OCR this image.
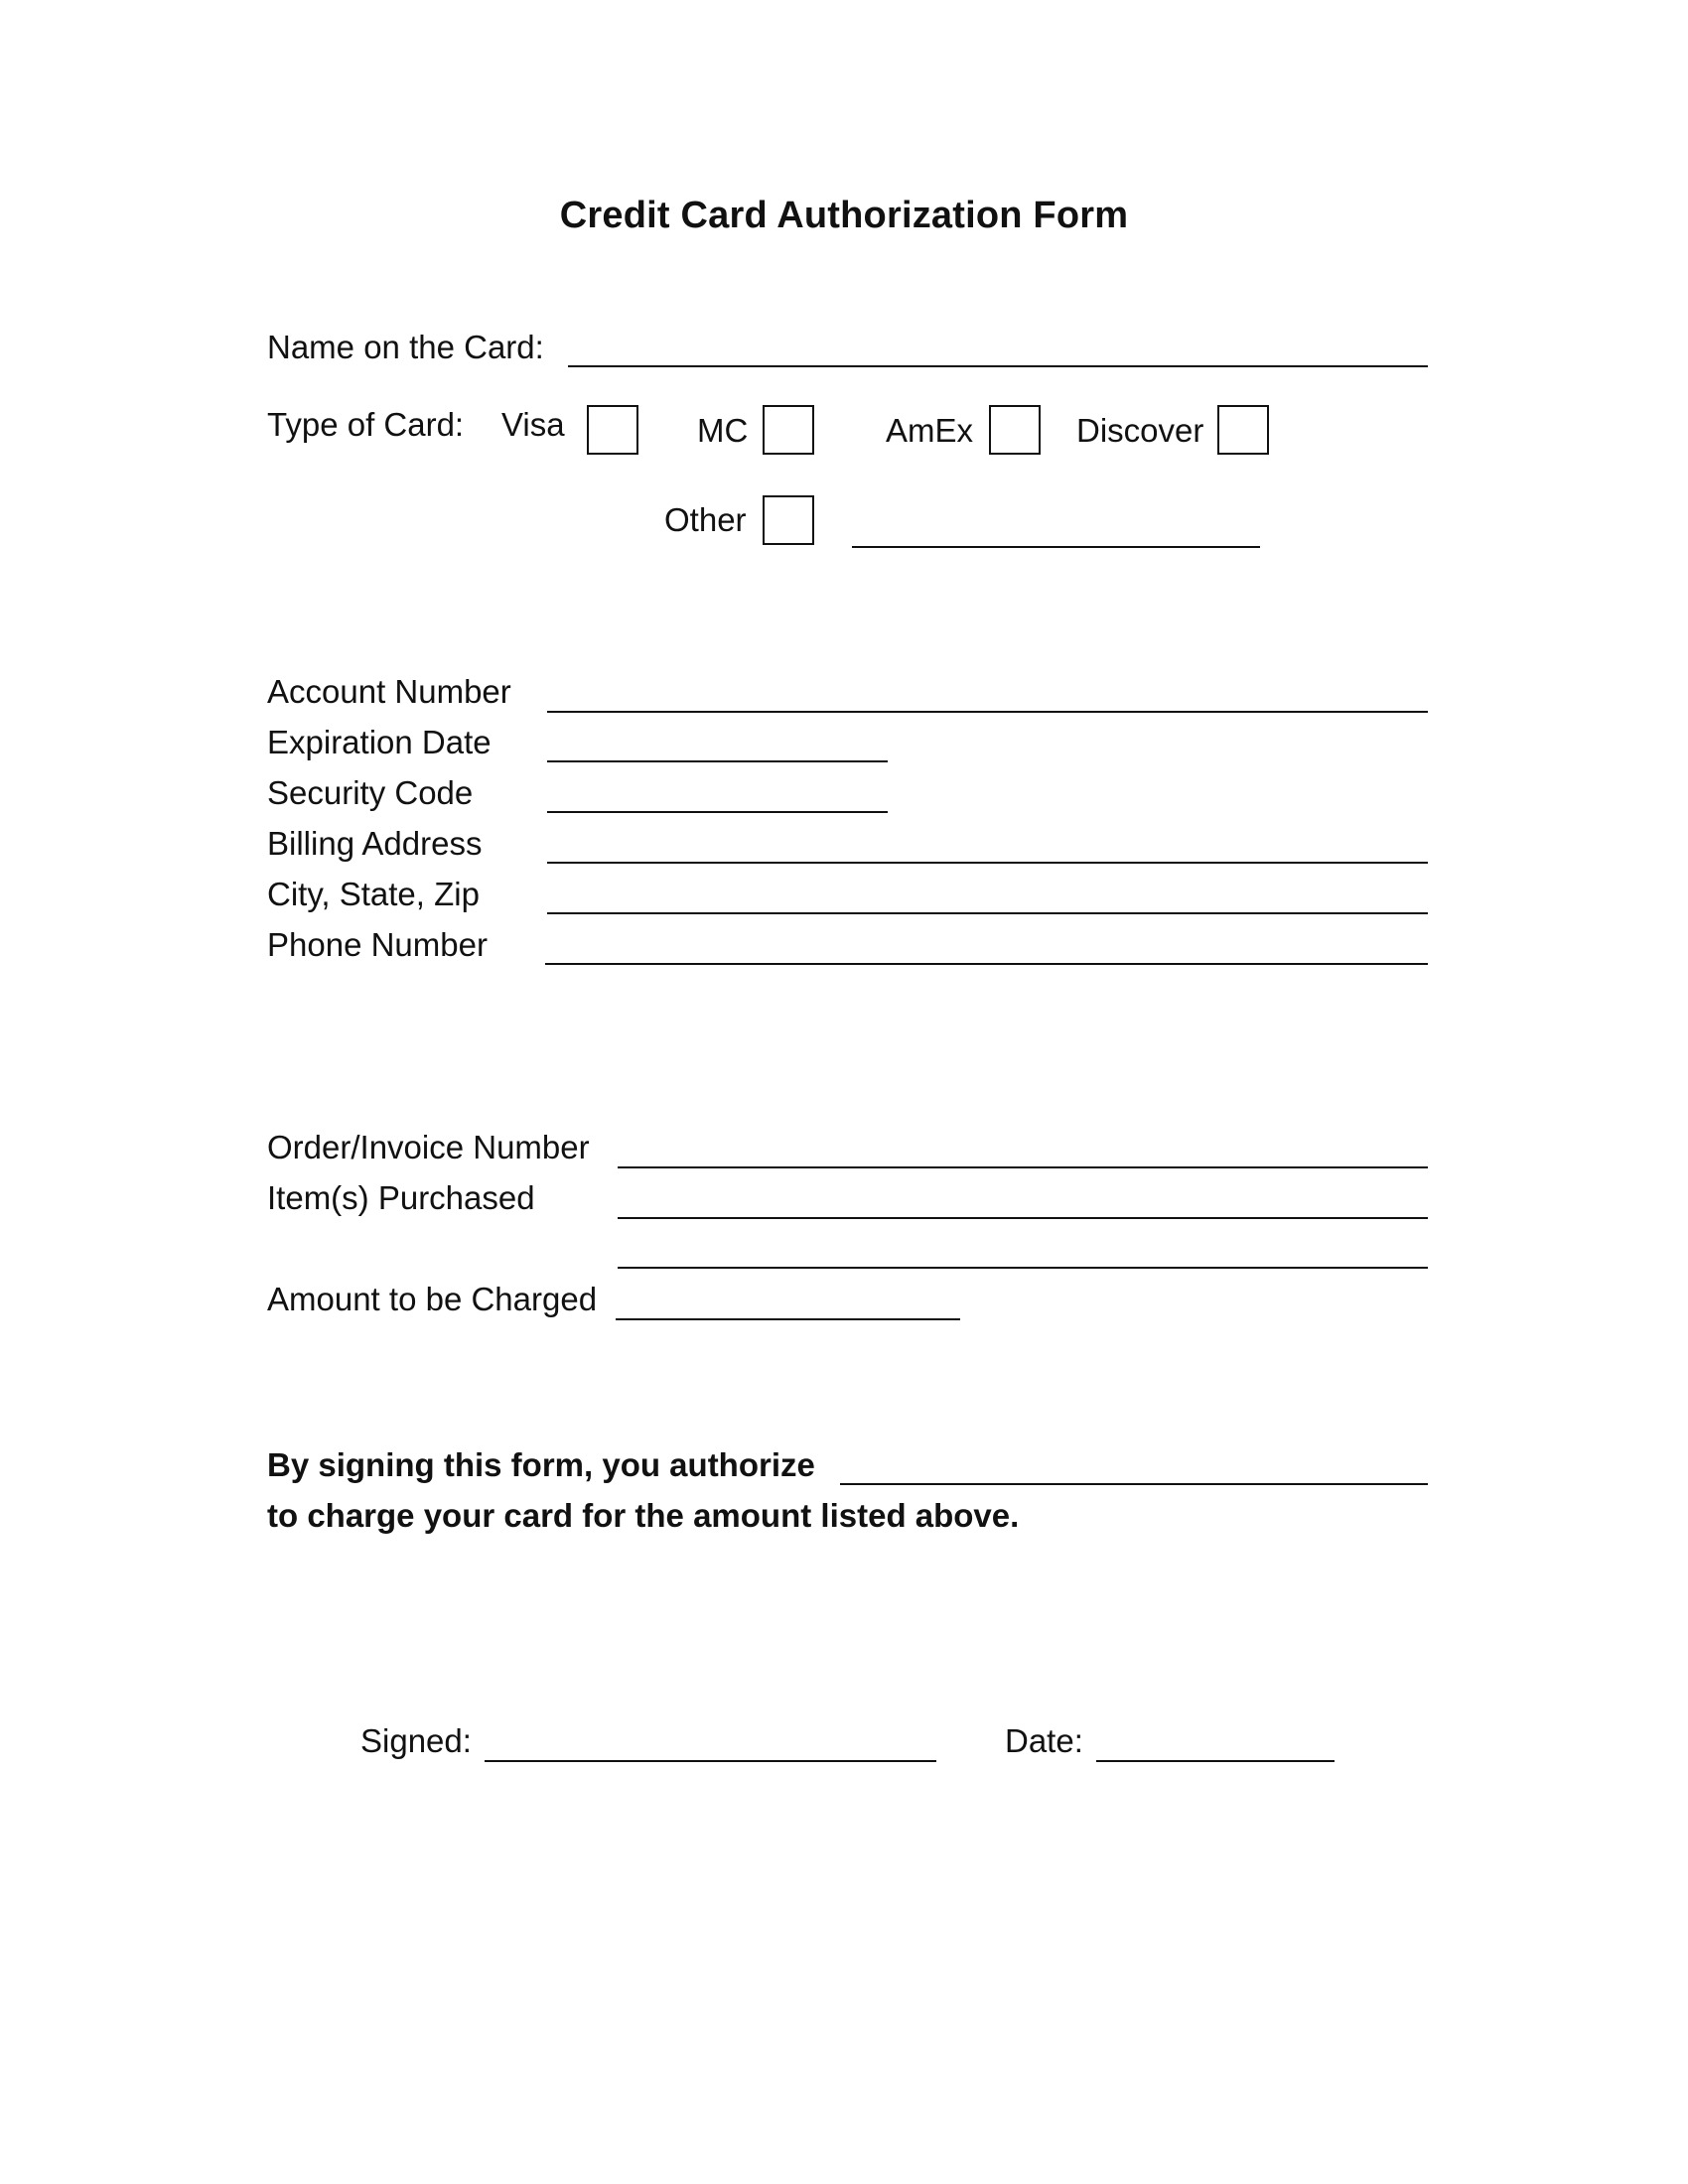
Credit Card Authorization Form
Name on the Card:
Type of Card: Visa	MC	AmEx	Discover
Other
Account Number
Expiration Date
Security Code
Billing Address
City, State, Zip
Phone Number
Order/Invoice Number
Item(s) Purchased
Amount to be Charged
By signing this form, you authorize
to charge your card for the amount listed above.
Signed:	Date:
